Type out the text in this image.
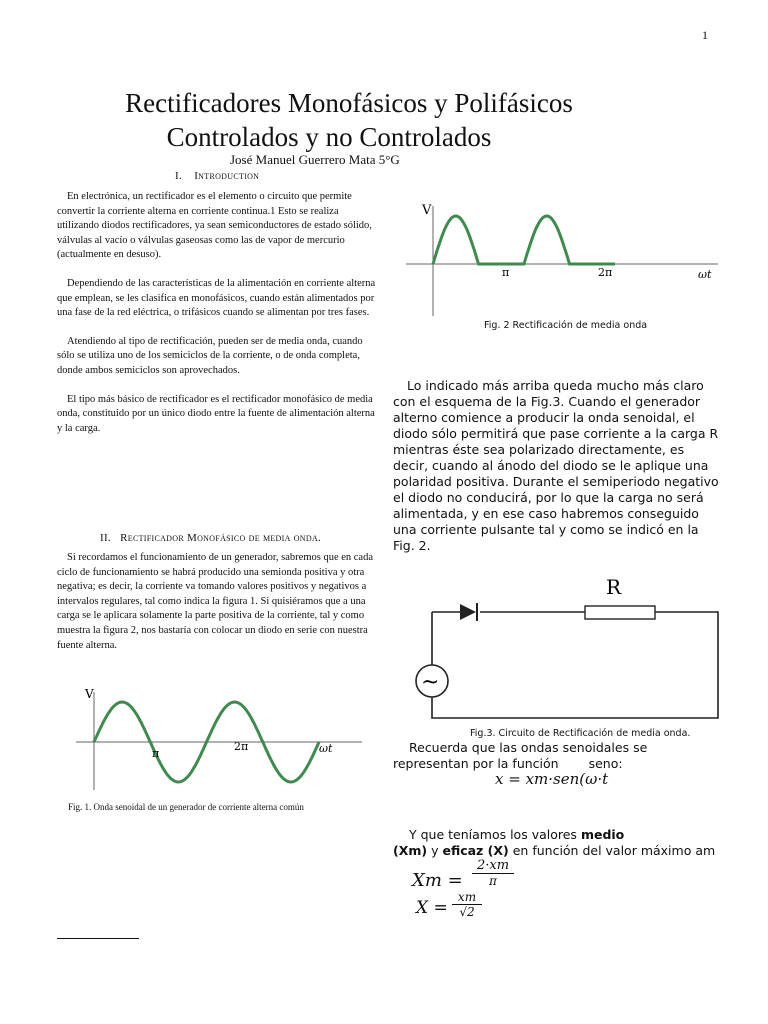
1
Rectificadores Monofásicos y Polifásicos
Controlados y no Controlados
José Manuel Guerrero Mata 5°G
I. Introduction

En electrónica, un rectificador es el elemento o circuito que permite convertir la corriente alterna en corriente continua.1 Esto se realiza utilizando diodos rectificadores, ya sean semiconductores de estado sólido, válvulas al vacío o válvulas gaseosas como las de vapor de mercurio (actualmente en desuso).

Dependiendo de las características de la alimentación en corriente alterna que emplean, se les clasifica en monofásicos, cuando están alimentados por una fase de la red eléctrica, o trifásicos cuando se alimentan por tres fases.

Atendiendo al tipo de rectificación, pueden ser de media onda, cuando sólo se utiliza uno de los semiciclos de la corriente, o de onda completa, donde ambos semiciclos son aprovechados.

El tipo más básico de rectificador es el rectificador monofásico de media onda, constituido por un único diodo entre la fuente de alimentación alterna y la carga.

II. Rectificador Monofásico de media onda.

Si recordamos el funcionamiento de un generador, sabremos que en cada ciclo de funcionamiento se habrá producido una semionda positiva y otra negativa; es decir, la corriente va tomando valores positivos y negativos a intervalos regulares, tal como indica la figura 1. Si quisiéramos que a una carga se le aplicara solamente la parte positiva de la corriente, tal y como muestra la figura 2, nos bastaría con colocar un diodo en serie con nuestra fuente alterna.

V
π
2π	ωt
Fig. 1. Onda senoidal de un generador de corriente alterna común
V
π	2π	ωt
Fig. 2 Rectificación de media onda
Lo indicado más arriba queda mucho más claro con el esquema de la Fig.3. Cuando el generador alterno comience a producir la onda senoidal, el diodo sólo permitirá que pase corriente a la carga R mientras éste sea polarizado directamente, es decir, cuando al ánodo del diodo se le aplique una polaridad positiva. Durante el semiperiodo negativo el diodo no conducirá, por lo que la carga no será alimentada, y en ese caso habremos conseguido una corriente pulsante tal y como se indicó en la Fig. 2.
R
~
Fig.3. Circuito de Rectificación de media onda.
Recuerda que las ondas senoidales se
representan por la función seno:
x = xm·sen(ω·t
Y que teníamos los valores medio
(Xm) y eficaz (X) en función del valor máximo am
Xm =
2·xm
π
X =
xm
√2
